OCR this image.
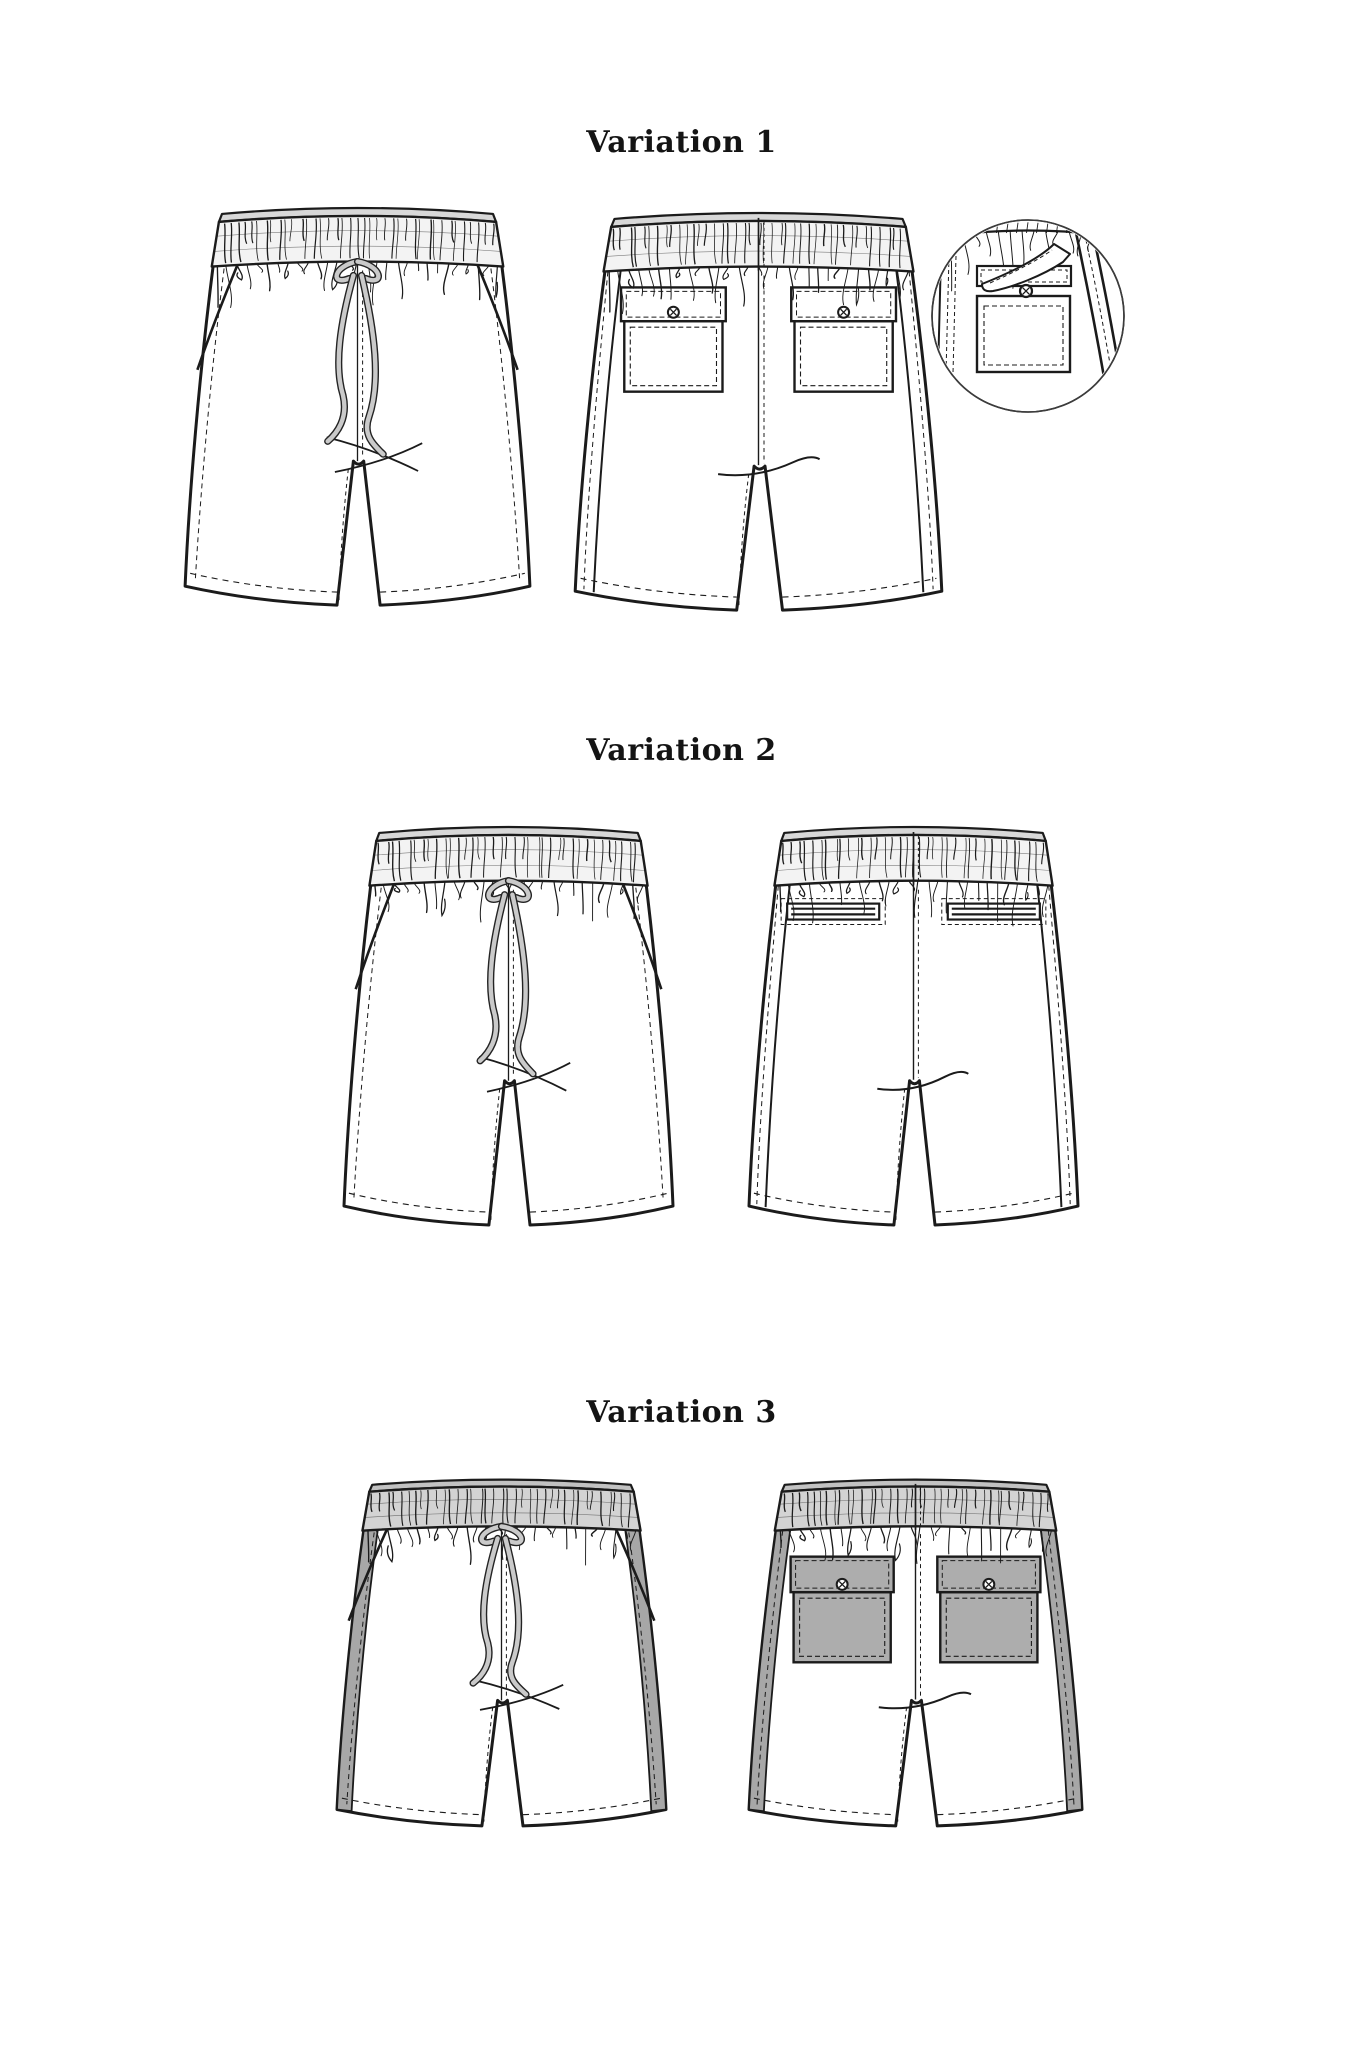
Variation 1
Variation 2
Variation 3
